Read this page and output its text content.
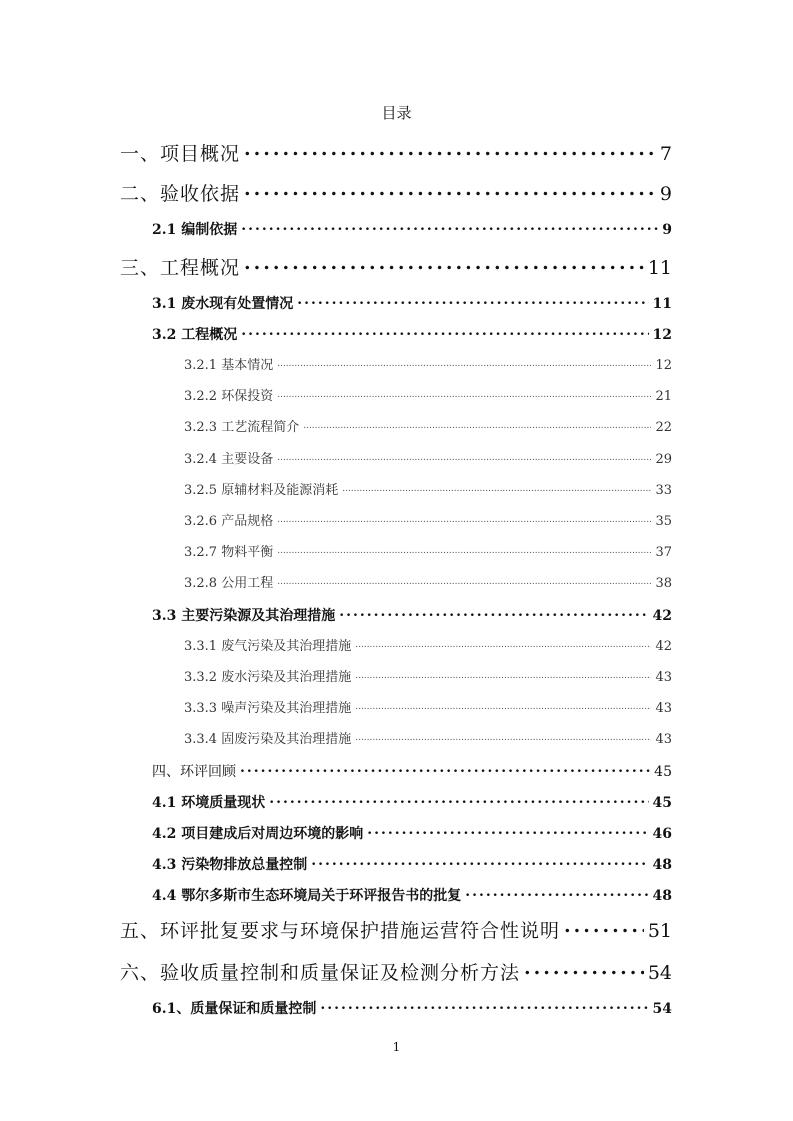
目录
一、项目概况 .....	7
二、验收依据 .....	9
2.1 编制依据 .....	9
三、工程概况 .....	11
3.1 废水现有处置情况 .....	11
3.2 工程概况 .....	12
3.2.1 基本情况 .....	12
3.2.2 环保投资 .....	21
3.2.3 工艺流程简介 .....	22
3.2.4 主要设备 .....	29
3.2.5 原辅材料及能源消耗 .....	33
3.2.6 产品规格 .....	35
3.2.7 物料平衡 .....	37
3.2.8 公用工程 .....	38
3.3 主要污染源及其治理措施 .....	42
3.3.1 废气污染及其治理措施 .....	42
3.3.2 废水污染及其治理措施 .....	43
3.3.3 噪声污染及其治理措施 .....	43
3.3.4 固废污染及其治理措施 .....	43
四、环评回顾 .....	45
4.1 环境质量现状 .....	45
4.2 项目建成后对周边环境的影响 .....	46
4.3 污染物排放总量控制 .....	48
4.4 鄂尔多斯市生态环境局关于环评报告书的批复 .....	48
五、环评批复要求与环境保护措施运营符合性说明 .....	51
六、验收质量控制和质量保证及检测分析方法 .....	54
6.1、质量保证和质量控制 .....	54
1
